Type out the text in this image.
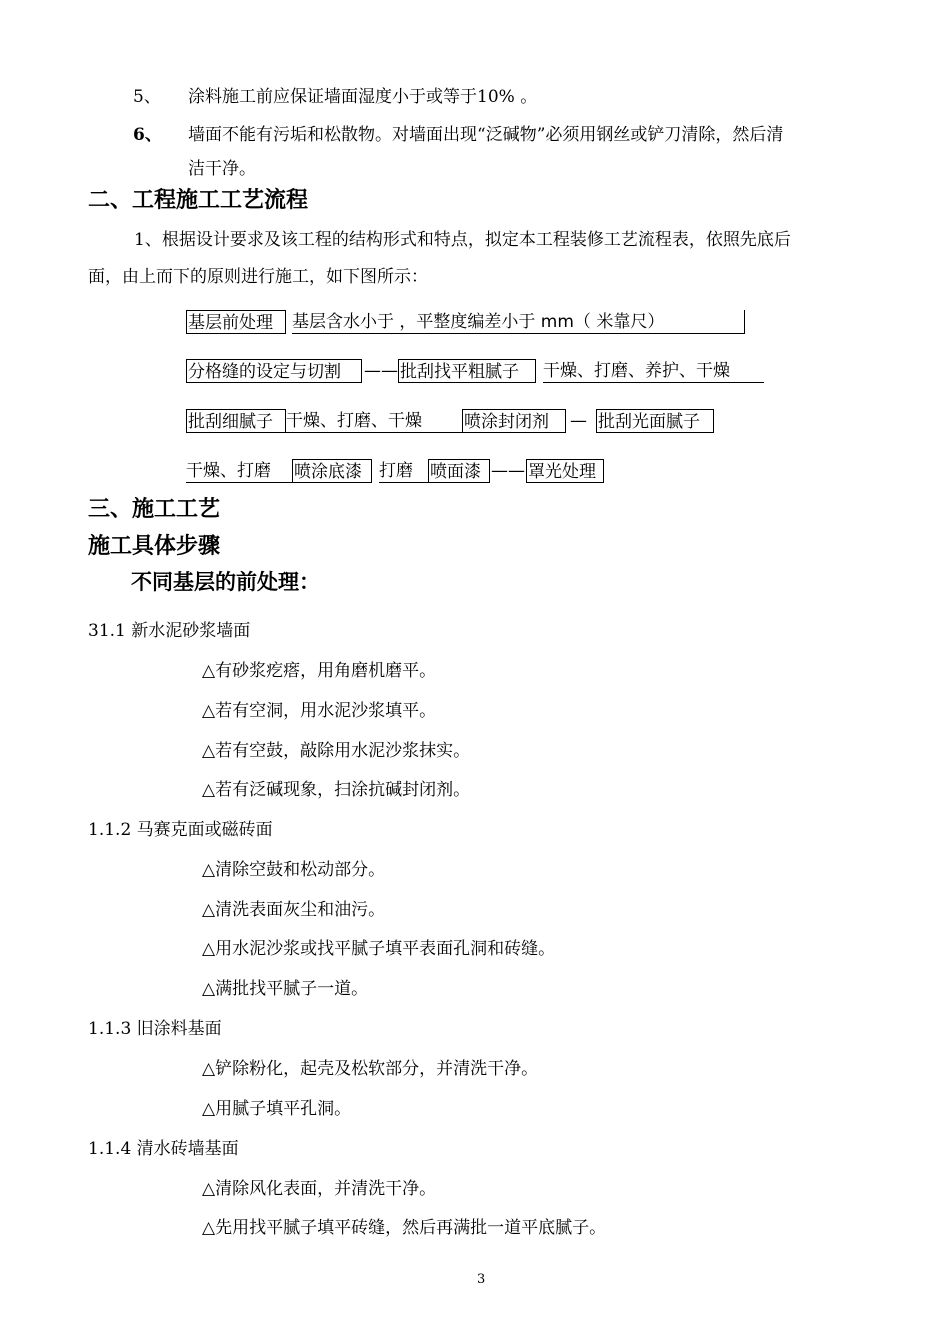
5、 涂料施工前应保证墙面湿度小于或等于10% 。
6、 墙面不能有污垢和松散物。对墙面出现“泛碱物”必须用钢丝或铲刀清除，然后清
洁干净。
二、工程施工工艺流程
1、根据设计要求及该工程的结构形式和特点，拟定本工程装修工艺流程表，依照先底后
面，由上而下的原则进行施工，如下图所示：
基层前处理	基层含水小于 ，平整度编差小于 mm（ 米靠尺）
分格缝的设定与切割	—— 批刮找平粗腻子	干燥、打磨、养护、干燥
批刮细腻子 干燥、打磨、干燥	喷涂封闭剂	— 批刮光面腻子
干燥、打磨	喷涂底漆	打磨	喷面漆 —— 罩光处理
三、施工工艺
施工具体步骤
不同基层的前处理：
31.1 新水泥砂浆墙面
△有砂浆疙瘩，用角磨机磨平。
△若有空洞，用水泥沙浆填平。
△若有空鼓，敲除用水泥沙浆抹实。
△若有泛碱现象，扫涂抗碱封闭剂。
1.1.2 马赛克面或磁砖面
△清除空鼓和松动部分。
△清洗表面灰尘和油污。
△用水泥沙浆或找平腻子填平表面孔洞和砖缝。
△满批找平腻子一道。
1.1.3 旧涂料基面
△铲除粉化，起壳及松软部分，并清洗干净。
△用腻子填平孔洞。
1.1.4 清水砖墙基面
△清除风化表面，并清洗干净。
△先用找平腻子填平砖缝，然后再满批一道平底腻子。
3
